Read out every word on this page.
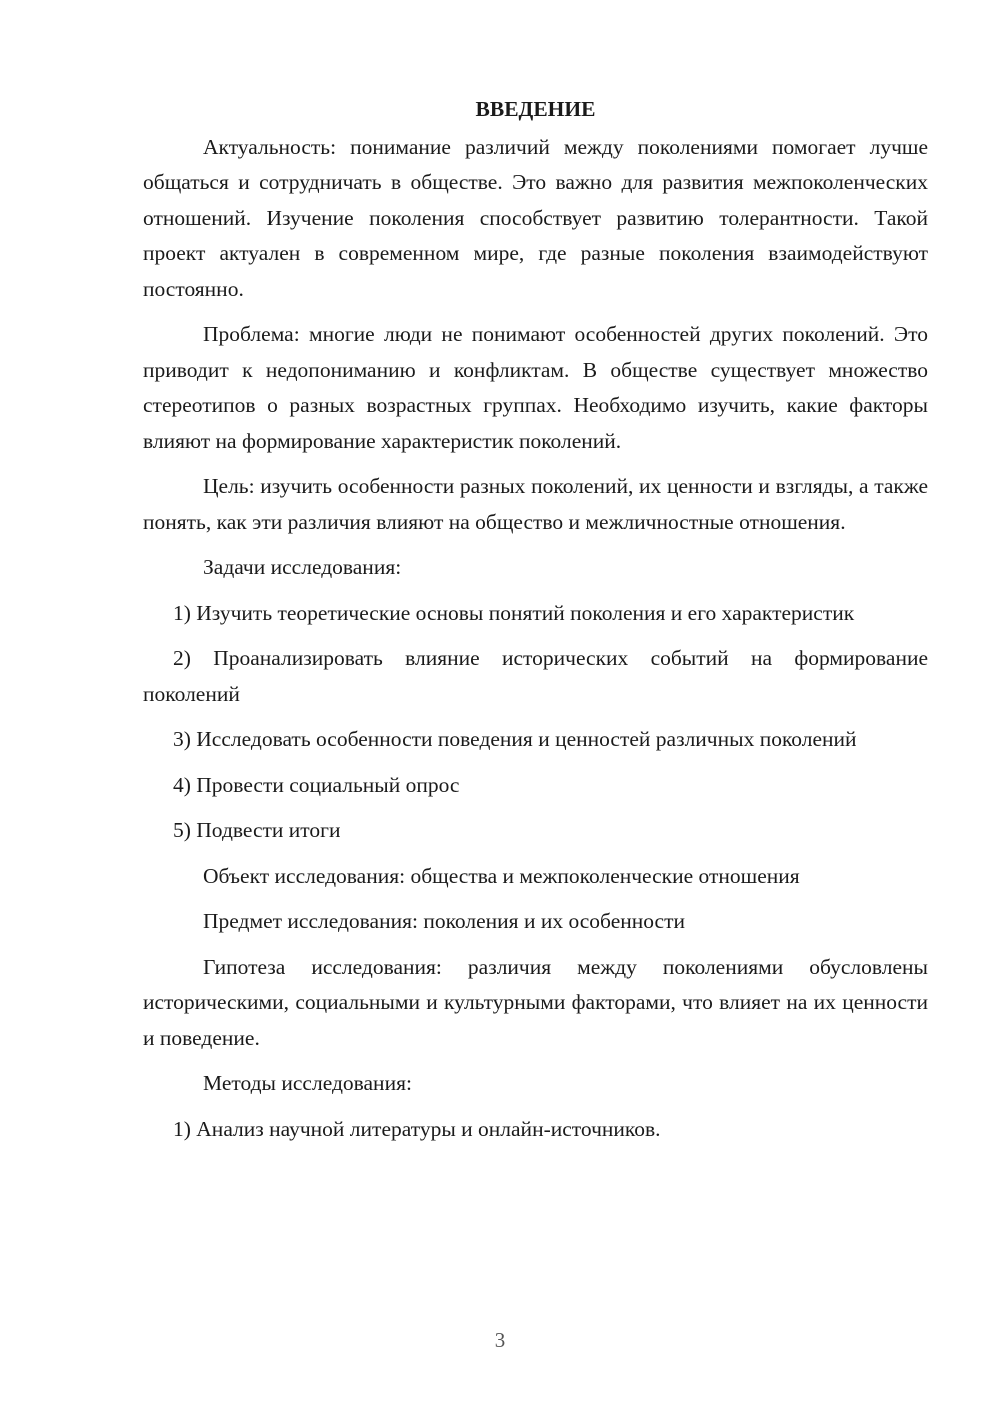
ВВЕДЕНИЕ

Актуальность: понимание различий между поколениями помогает лучше общаться и сотрудничать в обществе. Это важно для развития межпоколенческих отношений. Изучение поколения способствует развитию толерантности. Такой проект актуален в современном мире, где разные поколения взаимодействуют постоянно.

Проблема: многие люди не понимают особенностей других поколений. Это приводит к недопониманию и конфликтам. В обществе существует множество стереотипов о разных возрастных группах. Необходимо изучить, какие факторы влияют на формирование характеристик поколений.

Цель: изучить особенности разных поколений, их ценности и взгляды, а также понять, как эти различия влияют на общество и межличностные отношения.

Задачи исследования:

1) Изучить теоретические основы понятий поколения и его характеристик

2) Проанализировать влияние исторических событий на формирование поколений

3) Исследовать особенности поведения и ценностей различных поколений

4) Провести социальный опрос
5) Подвести итоги
Объект исследования: общества и межпоколенческие отношения
Предмет исследования: поколения и их особенности

Гипотеза исследования: различия между поколениями обусловлены историческими, социальными и культурными факторами, что влияет на их ценности и поведение.

Методы исследования:
1) Анализ научной литературы и онлайн-источников.
3
